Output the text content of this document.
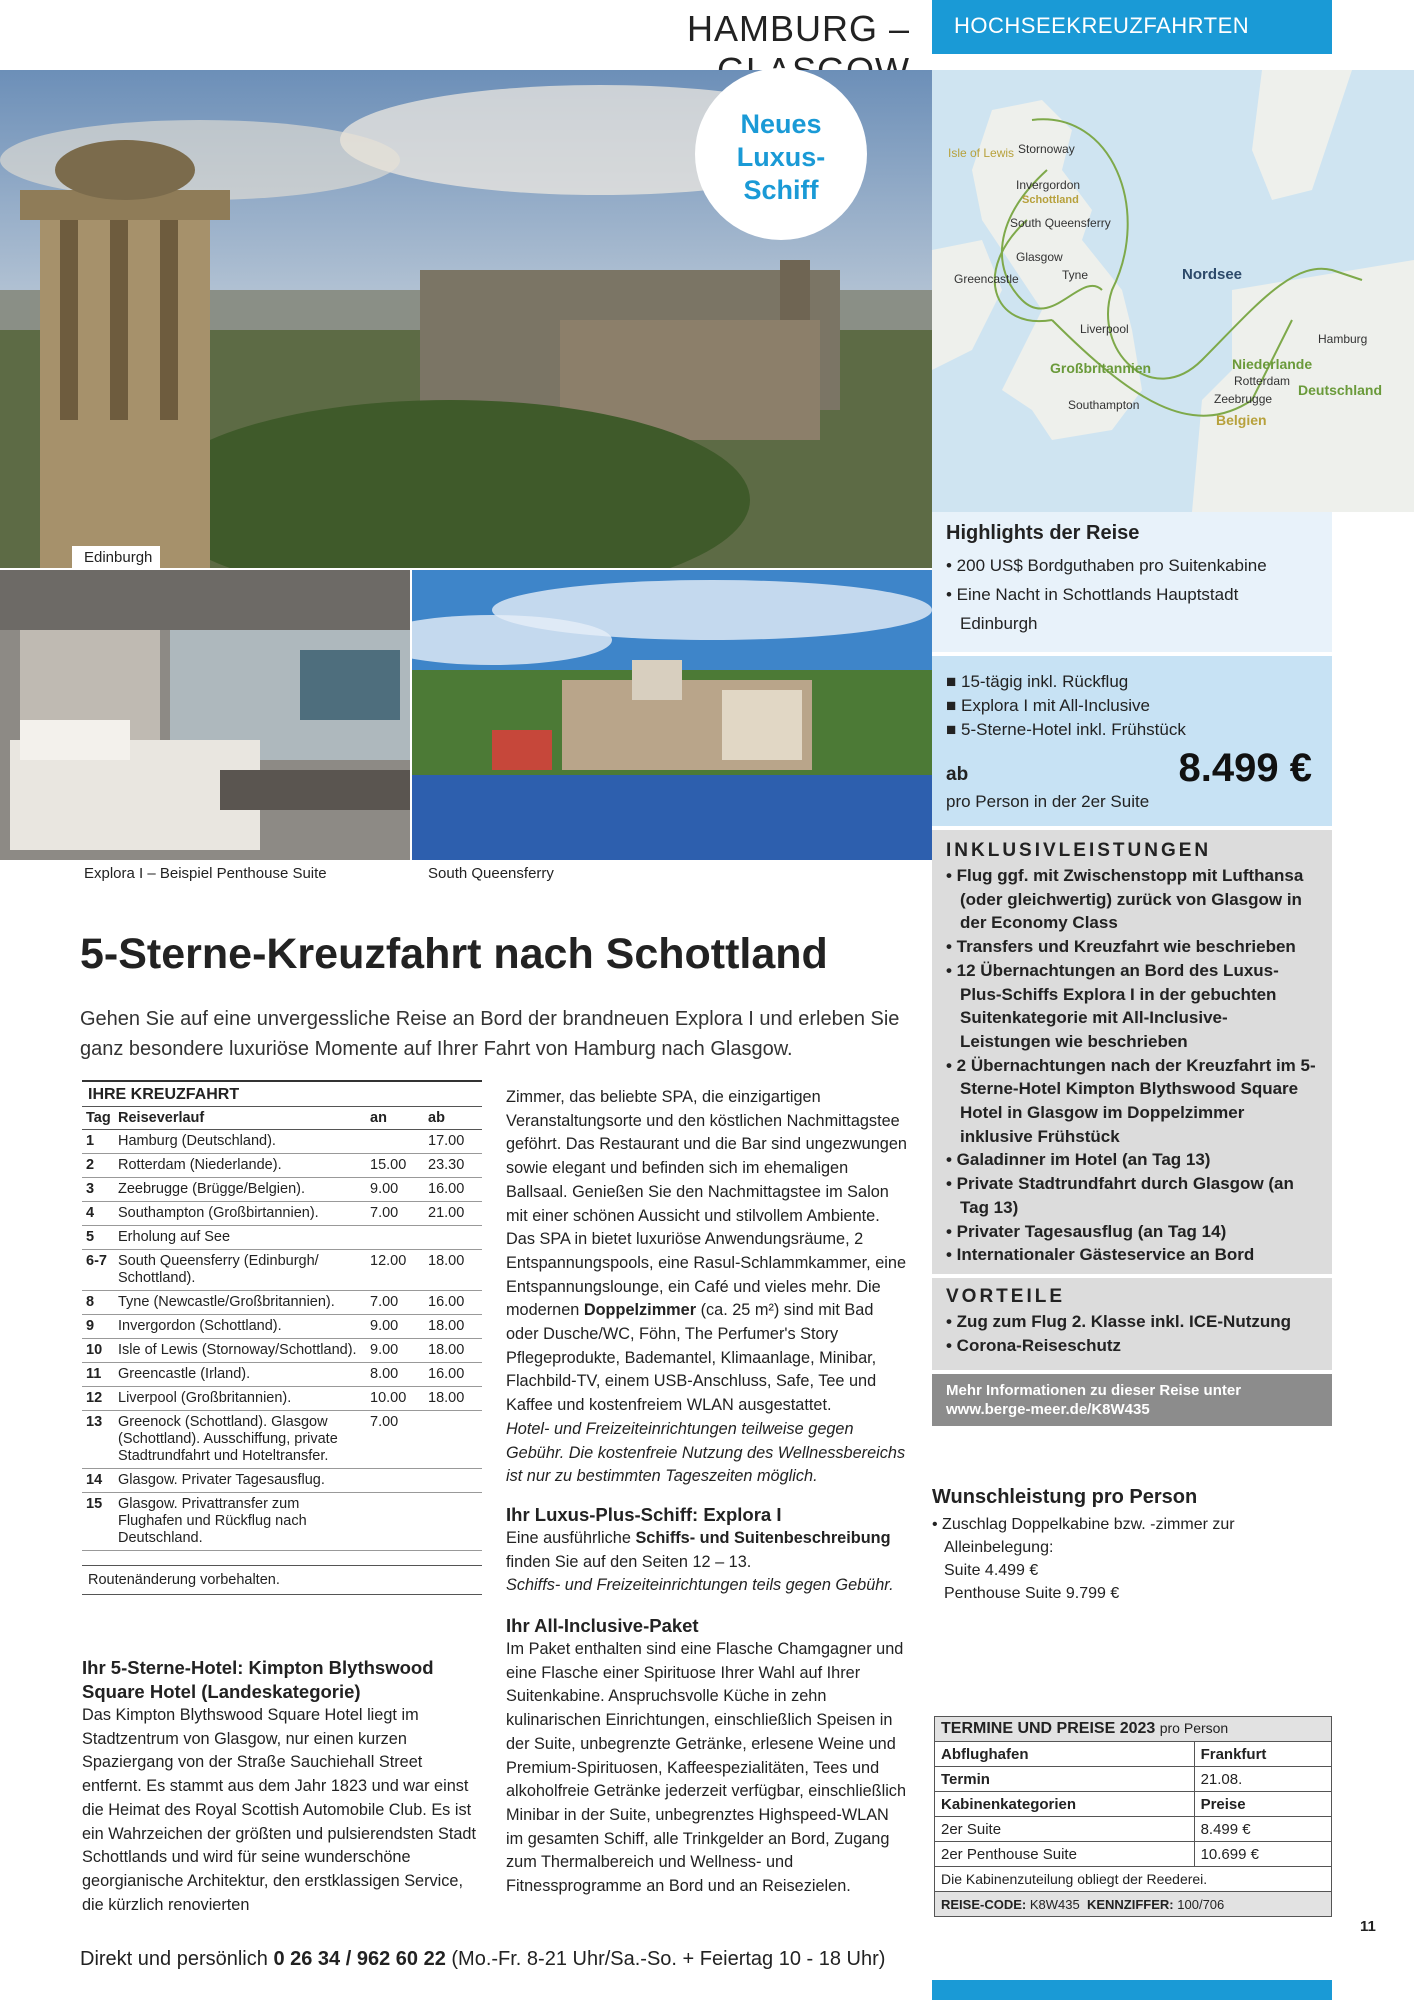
HAMBURG –	HOCHSEEKREUZFAHRTEN
Edinburgh
Neues Luxus-
Schiff
Explora I – Beispiel Penthouse Suite	South Queensferry
Isle of Lewis Stornoway
Invergordon
Schottland
South Queensferry
Glasgow
Greencastle	Tyne	Nordsee
Liverpool
Großbritannien
Southampton
Hamburg
Niederlande
Rotterdam
Zeebrugge
Belgien
Deutschland
Highlights der Reise
• 200 US$ Bordguthaben pro Suitenkabine
• Eine Nacht in Schottlands Hauptstadt Edinburgh
■ 15-tägig inkl. Rückflug
■ Explora I mit All-Inclusive
■ 5-Sterne-Hotel inkl. Frühstück
ab	8.499 €
pro Person in der 2er Suite
INKLUSIVLEISTUNGEN
• Flug ggf. mit Zwischenstopp mit Lufthansa (oder gleichwertig) zurück von Glasgow in der Economy Class
• Transfers und Kreuzfahrt wie beschrieben
• 12 Übernachtungen an Bord des Luxus-Plus-Schiffs Explora I in der gebuchten Suitenkategorie mit All-Inclusive-Leistungen wie beschrieben
• 2 Übernachtungen nach der Kreuzfahrt im 5-Sterne-Hotel Kimpton Blythswood Square Hotel in Glasgow im Doppelzimmer inklusive Frühstück
• Galadinner im Hotel (an Tag 13)
• Private Stadtrundfahrt durch Glasgow (an Tag 13)
• Privater Tagesausflug (an Tag 14)
• Internationaler Gästeservice an Bord
VORTEILE
• Zug zum Flug 2. Klasse inkl. ICE-Nutzung
• Corona-Reiseschutz
Mehr Informationen zu dieser Reise unter
www.berge-meer.de/K8W435
Wunschleistung pro Person
• Zuschlag Doppelkabine bzw. -zimmer zur
Alleinbelegung:
Suite 4.499 €
Penthouse Suite 9.799 €
TERMINE UND PREISE 2023 pro Person	
Abflughafen	Frankfurt
Termin	21.08.
Kabinenkategorien	Preise
2er Suite	8.499 €
2er Penthouse Suite	10.699 €
Die Kabinenzuteilung obliegt der Reederei.	
REISE-CODE: K8W435 KENNZIFFER: 100/706	
5-Sterne-Kreuzfahrt nach Schottland
Gehen Sie auf eine unvergessliche Reise an Bord der brandneuen Explora I und erleben Sie ganz besondere luxuriöse Momente auf Ihrer Fahrt von Hamburg nach Glasgow.
IHRE KREUZFAHRT
Tag	Reiseverlauf	an	ab
1	Hamburg (Deutschland).		17.00
2	Rotterdam (Niederlande).	15.00	23.30
3	Zeebrugge (Brügge/Belgien).	9.00	16.00
4	Southampton (Großbirtannien).	7.00	21.00
5	Erholung auf See		
6-7	South Queensferry (Edinburgh/ Schottland).	12.00	18.00
8	Tyne (Newcastle/Großbritannien).	7.00	16.00
9	Invergordon (Schottland).	9.00	18.00
10	Isle of Lewis (Stornoway/Schottland).	9.00	18.00
11	Greencastle (Irland).	8.00	16.00
12	Liverpool (Großbritannien).	10.00	18.00
13	Greenock (Schottland). Glasgow (Schottland). Ausschiffung, private Stadtrundfahrt und Hoteltransfer.	7.00	
14	Glasgow. Privater Tagesausflug.		
15	Glasgow. Privattransfer zum Flughafen und Rückflug nach Deutschland.		
Routenänderung vorbehalten.
Ihr 5-Sterne-Hotel: Kimpton Blythswood Square Hotel (Landeskategorie)
Das Kimpton Blythswood Square Hotel liegt im Stadtzentrum von Glasgow, nur einen kurzen Spaziergang von der Straße Sauchiehall Street entfernt. Es stammt aus dem Jahr 1823 und war einst die Heimat des Royal Scottish Automobile Club. Es ist ein Wahrzeichen der größten und pulsierendsten Stadt Schottlands und wird für seine wunderschöne georgianische Architektur, den erstklassigen Service, die kürzlich renovierten
Zimmer, das beliebte SPA, die einzigartigen Veranstaltungsorte und den köstlichen Nachmittagstee geföhrt. Das Restaurant und die Bar sind ungezwungen sowie elegant und befinden sich im ehemaligen Ballsaal. Genießen Sie den Nachmittagstee im Salon mit einer schönen Aussicht und stilvollem Ambiente. Das SPA in bietet luxuriöse Anwendungsräume, 2 Entspannungspools, eine Rasul-Schlammkammer, eine Entspannungslounge, ein Café und vieles mehr. Die modernen Doppelzimmer (ca. 25 m²) sind mit Bad oder Dusche/WC, Föhn, The Perfumer's Story Pflegeprodukte, Bademantel, Klimaanlage, Minibar, Flachbild-TV, einem USB-Anschluss, Safe, Tee und Kaffee und kostenfreiem WLAN ausgestattet.
Hotel- und Freizeiteinrichtungen teilweise gegen Gebühr. Die kostenfreie Nutzung des Wellnessbereichs ist nur zu bestimmten Tageszeiten möglich.
Ihr Luxus-Plus-Schiff: Explora I
Eine ausführliche Schiffs- und Suitenbeschreibung finden Sie auf den Seiten 12 – 13.
Schiffs- und Freizeiteinrichtungen teils gegen Gebühr.
Ihr All-Inclusive-Paket
Im Paket enthalten sind eine Flasche Chamgagner und eine Flasche einer Spirituose Ihrer Wahl auf Ihrer Suitenkabine. Anspruchsvolle Küche in zehn kulinarischen Einrichtungen, einschließlich Speisen in der Suite, unbegrenzte Getränke, erlesene Weine und Premium-Spirituosen, Kaffeespezialitäten, Tees und alkoholfreie Getränke jederzeit verfügbar, einschließlich Minibar in der Suite, unbegrenztes Highspeed-WLAN im gesamten Schiff, alle Trinkgelder an Bord, Zugang zum Thermalbereich und Wellness- und Fitnessprogramme an Bord und an Reisezielen.
Direkt und persönlich 0 26 34 / 962 60 22 (Mo.-Fr. 8-21 Uhr/Sa.-So. + Feiertag 10 - 18 Uhr)
11
